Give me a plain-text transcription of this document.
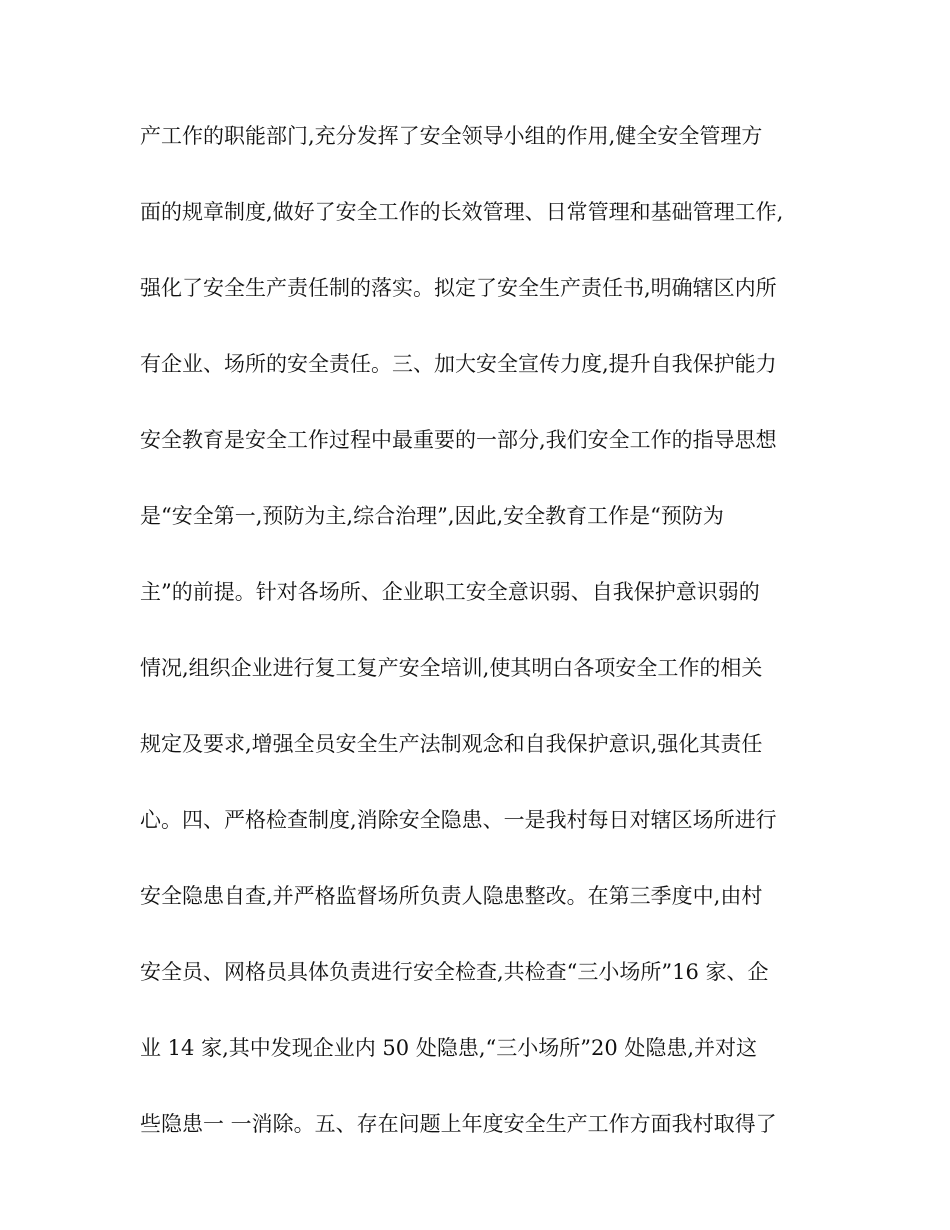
产工作的职能部门,充分发挥了安全领导小组的作用,健全安全管理方
面的规章制度,做好了安全工作的长效管理、日常管理和基础管理工作,
强化了安全生产责任制的落实。拟定了安全生产责任书,明确辖区内所
有企业、场所的安全责任。三、加大安全宣传力度,提升自我保护能力
安全教育是安全工作过程中最重要的一部分,我们安全工作的指导思想
是“安全第一,预防为主,综合治理”,因此,安全教育工作是“预防为
主”的前提。针对各场所、企业职工安全意识弱、自我保护意识弱的
情况,组织企业进行复工复产安全培训,使其明白各项安全工作的相关
规定及要求,增强全员安全生产法制观念和自我保护意识,强化其责任
心。四、严格检查制度,消除安全隐患、一是我村每日对辖区场所进行
安全隐患自查,并严格监督场所负责人隐患整改。在第三季度中,由村
安全员、网格员具体负责进行安全检查,共检查“三小场所”16 家、企
业 14 家,其中发现企业内 50 处隐患,“三小场所”20 处隐患,并对这
些隐患一 一消除。五、存在问题上年度安全生产工作方面我村取得了
